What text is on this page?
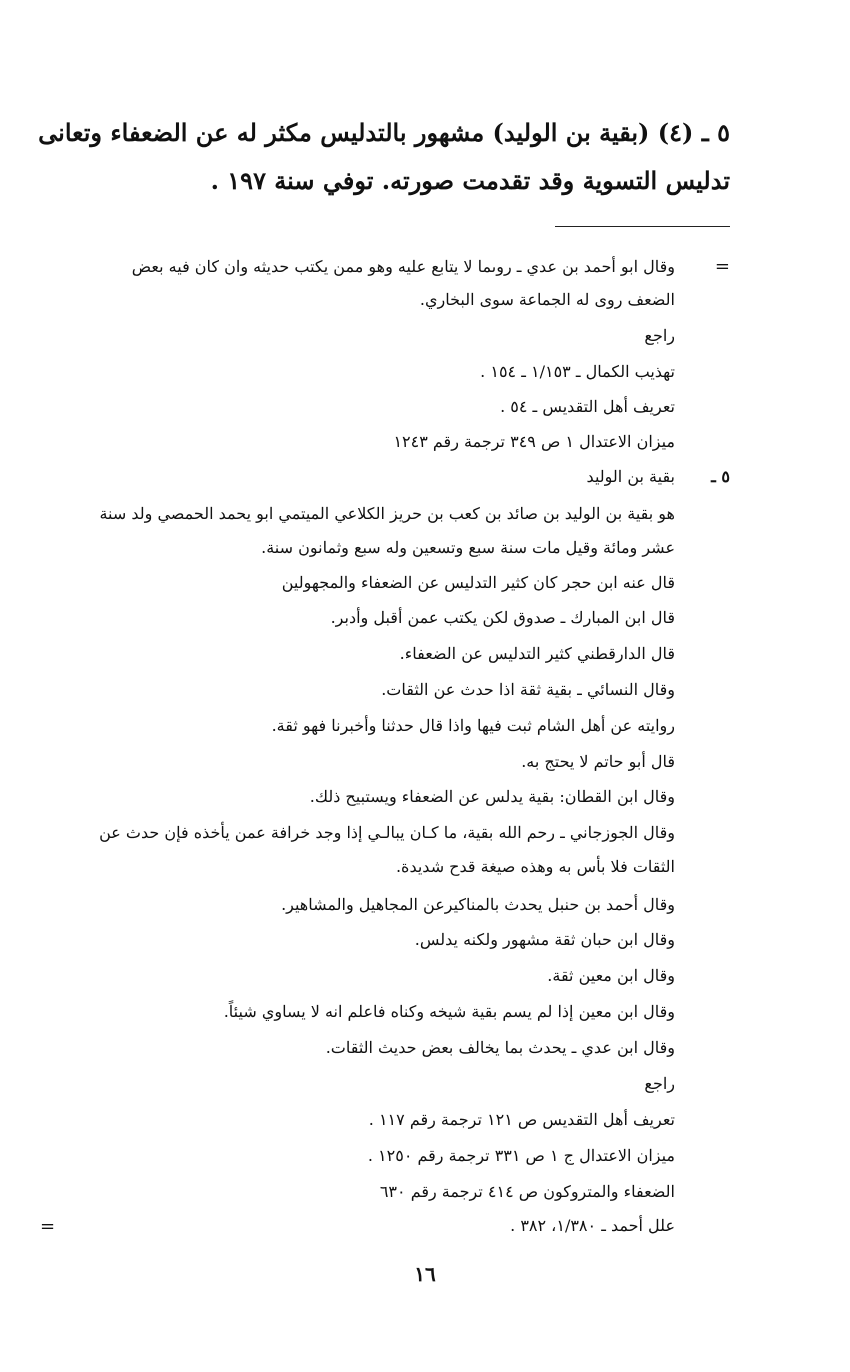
٥ ـ (٤) (بقية بن الوليد) مشهور بالتدليس مكثر له عن الضعفاء وتعانى
تدليس التسوية وقد تقدمت صورته. توفي سنة ١٩٧ .
=
وقال ابو أحمد بن عدي ـ روىما لا يتابع عليه وهو ممن يكتب حديثه وان كان فيه بعض
الضعف روى له الجماعة سوى البخاري.
راجع
تهذيب الكمال ـ ١/١٥٣ ـ ١٥٤ .
تعريف أهل التقديس ـ ٥٤ .
ميزان الاعتدال ١ ص ٣٤٩ ترجمة رقم ١٢٤٣
٥ ـ
بقية بن الوليد
هو بقية بن الوليد بن صائد بن كعب بن حريز الكلاعي الميتمي ابو يحمد الحمصي ولد سنة
عشر ومائة وقيل مات سنة سبع وتسعين وله سبع وثمانون سنة.
قال عنه ابن حجر كان كثير التدليس عن الضعفاء والمجهولين
قال ابن المبارك ـ صدوق لكن يكتب عمن أقبل وأدبر.
قال الدارقطني كثير التدليس عن الضعفاء.
وقال النسائي ـ بقية ثقة اذا حدث عن الثقات.
روايته عن أهل الشام ثبت فيها واذا قال حدثنا وأخبرنا فهو ثقة.
قال أبو حاتم لا يحتج به.
وقال ابن القطان: بقية يدلس عن الضعفاء ويستبيح ذلك.
وقال الجوزجاني ـ رحم الله بقية، ما كـان يبالـي إذا وجد خرافة عمن يأخذه فإن حدث عن
الثقات فلا بأس به وهذه صيغة قدح شديدة.
وقال أحمد بن حنبل يحدث بالمناكيرعن المجاهيل والمشاهير.
وقال ابن حبان ثقة مشهور ولكنه يدلس.
وقال ابن معين ثقة.
وقال ابن معين إذا لم يسم بقية شيخه وكناه فاعلم انه لا يساوي شيئاً.
وقال ابن عدي ـ يحدث بما يخالف بعض حديث الثقات.
راجع
تعريف أهل التقديس ص ١٢١ ترجمة رقم ١١٧ .
ميزان الاعتدال ج ١ ص ٣٣١ ترجمة رقم ١٢٥٠ .
الضعفاء والمتروكون ص ٤١٤ ترجمة رقم ٦٣٠
علل أحمد ـ ١/٣٨٠، ٣٨٢ .
=
١٦
